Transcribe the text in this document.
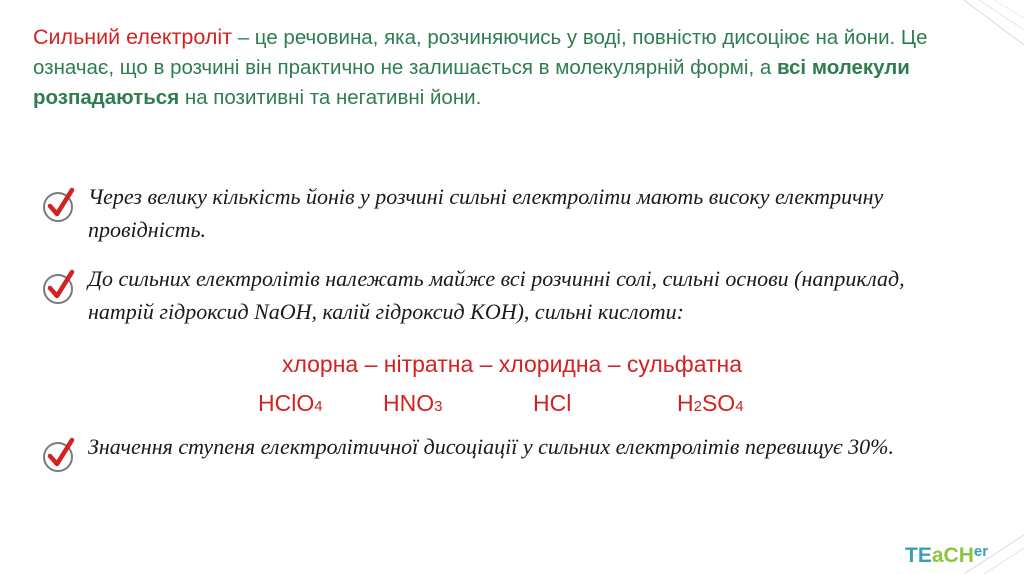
Сильний електроліт – це речовина, яка, розчиняючись у воді, повністю дисоціює на йони. Це означає, що в розчині він практично не залишається в молекулярній формі, а всі молекули розпадаються на позитивні та негативні йони.
Через велику кількість йонів у розчині сильні електроліти мають високу електричну провідність.
До сильних електролітів належать майже всі розчинні солі, сильні основи (наприклад, натрій гідроксид NaOH, калій гідроксид KOH), сильні кислоти:
хлорна – нітратна – хлоридна – сульфатна
HClO4	HNO3	HCl	H2SO4
Значення ступеня електролітичної дисоціації у сильних електролітів перевищує 30%.
TEaCH$^{er}$
